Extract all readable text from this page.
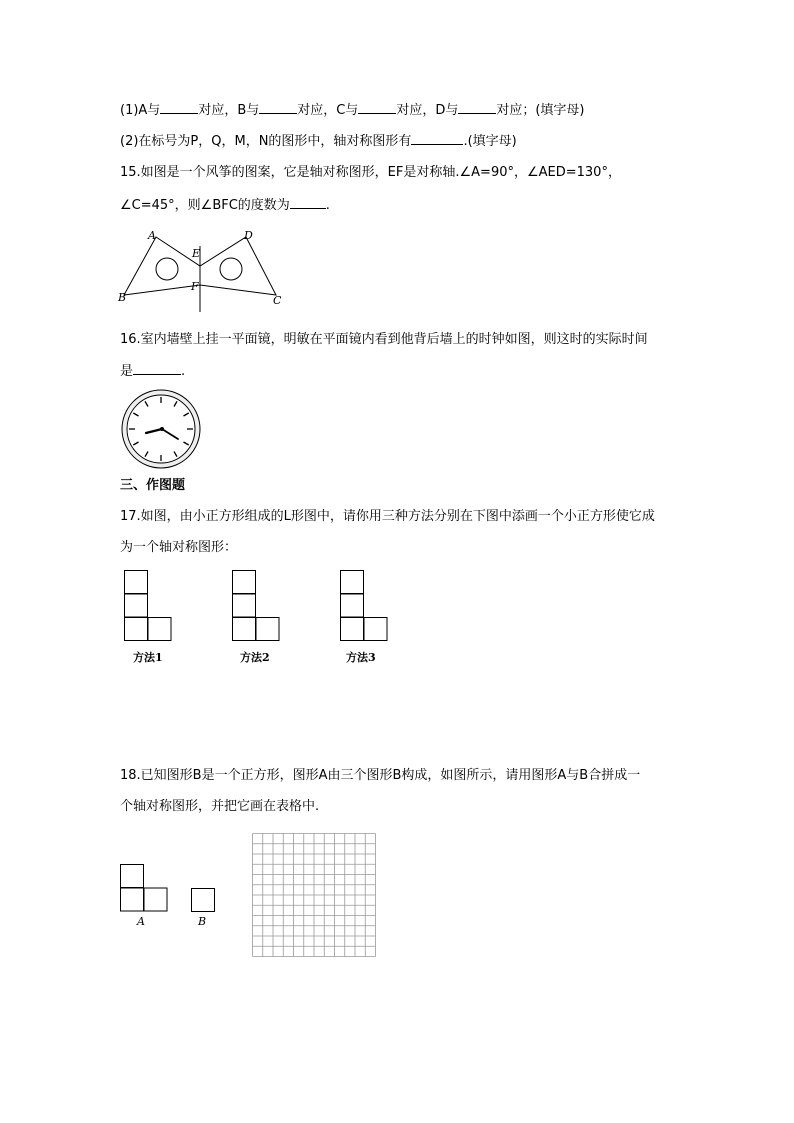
(1)A与	对应，B与	对应，C与	对应，D与	对应；(填字母)
(2)在标号为P，Q，M，N的图形中，轴对称图形有	.(填字母)
15.如图是一个风筝的图案，它是轴对称图形，EF是对称轴.∠A=90°，∠AED=130°，
∠C=45°，则∠BFC的度数为	.
A	D
E
F
B	C
16.室内墙壁上挂一平面镜，明敏在平面镜内看到他背后墙上的时钟如图，则这时的实际时间
是	.
三、作图题
17.如图，由小正方形组成的L形图中，请你用三种方法分别在下图中添画一个小正方形使它成
为一个轴对称图形：
方法1	方法2	方法3
18.已知图形B是一个正方形，图形A由三个图形B构成，如图所示，请用图形A与B合拼成一
个轴对称图形，并把它画在表格中.
A	B
